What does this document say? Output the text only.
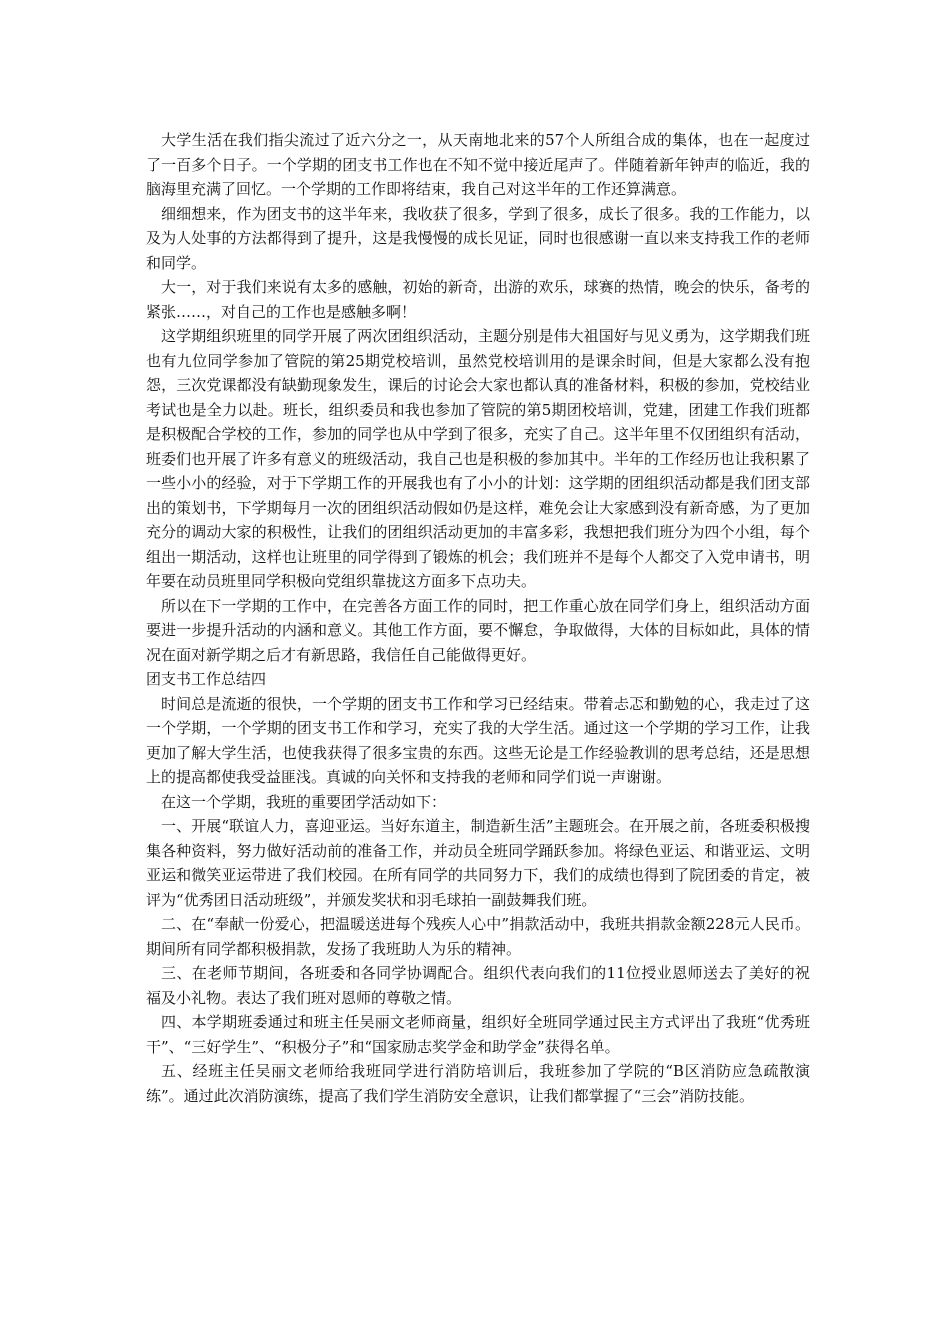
大学生活在我们指尖流过了近六分之一，从天南地北来的57个人所组合成的集体，也在一起度过了一百多个日子。一个学期的团支书工作也在不知不觉中接近尾声了。伴随着新年钟声的临近，我的脑海里充满了回忆。一个学期的工作即将结束，我自己对这半年的工作还算满意。

细细想来，作为团支书的这半年来，我收获了很多，学到了很多，成长了很多。我的工作能力，以及为人处事的方法都得到了提升，这是我慢慢的成长见证，同时也很感谢一直以来支持我工作的老师和同学。

大一，对于我们来说有太多的感触，初始的新奇，出游的欢乐，球赛的热情，晚会的快乐，备考的紧张……，对自己的工作也是感触多啊！

这学期组织班里的同学开展了两次团组织活动，主题分别是伟大祖国好与见义勇为，这学期我们班也有九位同学参加了管院的第25期党校培训，虽然党校培训用的是课余时间，但是大家都么没有抱怨，三次党课都没有缺勤现象发生，课后的讨论会大家也都认真的准备材料，积极的参加，党校结业考试也是全力以赴。班长，组织委员和我也参加了管院的第5期团校培训，党建，团建工作我们班都是积极配合学校的工作，参加的同学也从中学到了很多，充实了自己。这半年里不仅团组织有活动，班委们也开展了许多有意义的班级活动，我自己也是积极的参加其中。半年的工作经历也让我积累了一些小小的经验，对于下学期工作的开展我也有了小小的计划：这学期的团组织活动都是我们团支部出的策划书，下学期每月一次的团组织活动假如仍是这样，难免会让大家感到没有新奇感，为了更加充分的调动大家的积极性，让我们的团组织活动更加的丰富多彩，我想把我们班分为四个小组，每个组出一期活动，这样也让班里的同学得到了锻炼的机会；我们班并不是每个人都交了入党申请书，明年要在动员班里同学积极向党组织靠拢这方面多下点功夫。

所以在下一学期的工作中，在完善各方面工作的同时，把工作重心放在同学们身上，组织活动方面要进一步提升活动的内涵和意义。其他工作方面，要不懈怠，争取做得，大体的目标如此，具体的情况在面对新学期之后才有新思路，我信任自己能做得更好。

团支书工作总结四

时间总是流逝的很快，一个学期的团支书工作和学习已经结束。带着忐忑和勤勉的心，我走过了这一个学期，一个学期的团支书工作和学习，充实了我的大学生活。通过这一个学期的学习工作，让我更加了解大学生活，也使我获得了很多宝贵的东西。这些无论是工作经验教训的思考总结，还是思想上的提高都使我受益匪浅。真诚的向关怀和支持我的老师和同学们说一声谢谢。

在这一个学期，我班的重要团学活动如下：

一、开展“联谊人力，喜迎亚运。当好东道主，制造新生活”主题班会。在开展之前，各班委积极搜集各种资料，努力做好活动前的准备工作，并动员全班同学踊跃参加。将绿色亚运、和谐亚运、文明亚运和微笑亚运带进了我们校园。在所有同学的共同努力下，我们的成绩也得到了院团委的肯定，被评为“优秀团日活动班级”，并颁发奖状和羽毛球拍一副鼓舞我们班。

二、在“奉献一份爱心，把温暖送进每个残疾人心中”捐款活动中，我班共捐款金额228元人民币。期间所有同学都积极捐款，发扬了我班助人为乐的精神。

三、在老师节期间，各班委和各同学协调配合。组织代表向我们的11位授业恩师送去了美好的祝福及小礼物。表达了我们班对恩师的尊敬之情。

四、本学期班委通过和班主任吴丽文老师商量，组织好全班同学通过民主方式评出了我班“优秀班干”、“三好学生”、“积极分子”和“国家励志奖学金和助学金”获得名单。

五、经班主任吴丽文老师给我班同学进行消防培训后，我班参加了学院的“B区消防应急疏散演练”。通过此次消防演练，提高了我们学生消防安全意识，让我们都掌握了“三会”消防技能。
